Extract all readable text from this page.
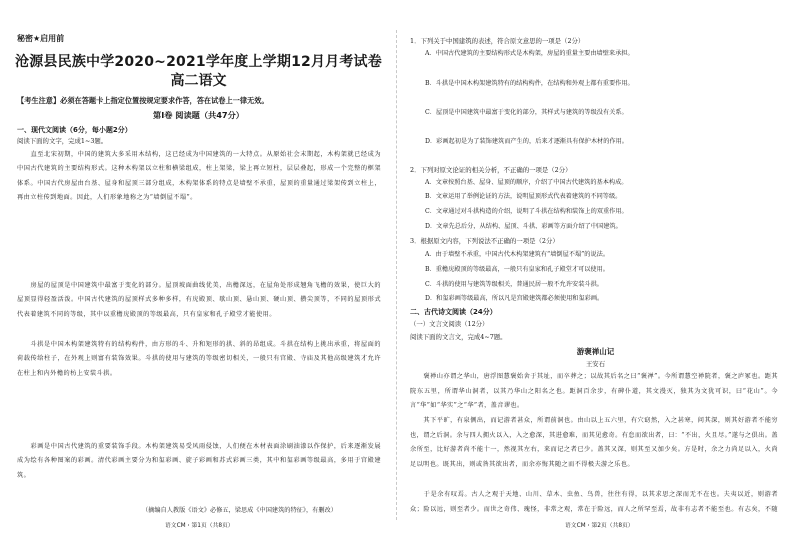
秘密★启用前
沧源县民族中学2020~2021学年度上学期12月月考试卷
高二语文
【考生注意】必须在答题卡上指定位置按规定要求作答，答在试卷上一律无效。
第Ⅰ卷 阅读题（共47分）
一、现代文阅读（6分，每小题2分）
阅读下面的文字，完成1~3题。
　　直至北宋初期，中国的建筑大多采用木结构，这已经成为中国建筑的一大特点。从原始社会末期起，木构架就已经成为中国古代建筑的主要结构形式。这种木构架以立柱和横梁组成，柱上架梁，梁上再立短柱，层层叠起，形成一个完整的框架体系。中国古代房屋由台基、屋身和屋顶三部分组成，木构架体系的特点是墙壁不承重，屋顶的重量通过梁架传到立柱上，再由立柱传到地面。因此，人们形象地称之为“墙倒屋不塌”。
　　房屋的屋顶是中国建筑中最富于变化的部分。屋顶坡面曲线优美，出檐深远，在屋角处形成翘角飞檐的效果，使巨大的屋顶显得轻盈活泼。中国古代建筑的屋顶样式多种多样，有庑殿顶、歇山顶、悬山顶、硬山顶、攒尖顶等，不同的屋顶形式代表着建筑不同的等级，其中以重檐庑殿顶的等级最高，只有皇家和孔子殿堂才能使用。
　　斗拱是中国木构架建筑特有的结构构件，由方形的斗、升和矩形的拱、斜的昂组成。斗拱在结构上挑出承重，将屋面的荷载传给柱子，在外观上则富有装饰效果。斗拱的使用与建筑的等级密切相关，一般只有宫殿、寺庙及其他高级建筑才允许在柱上和内外檐的枋上安装斗拱。
　　彩画是中国古代建筑的重要装饰手段。木构架建筑易受风雨侵蚀，人们便在木材表面涂刷油漆以作保护，后来逐渐发展成为绘有各种图案的彩画。清代彩画主要分为和玺彩画、旋子彩画和苏式彩画三类，其中和玺彩画等级最高，多用于宫殿建筑。
（摘编自人教版《语文》必修五，梁思成《中国建筑的特征》，有删改）
语文CM・第1页（共8页）
1．下列关于中国建筑的表述，符合原文意思的一项是（2分）
A．中国古代建筑的主要结构形式是木构架，房屋的重量主要由墙壁来承担。
B．斗拱是中国木构架建筑特有的结构构件，在结构和外观上都有重要作用。
C．屋顶是中国建筑中最富于变化的部分，其样式与建筑的等级没有关系。
D．彩画起初是为了装饰建筑而产生的，后来才逐渐具有保护木材的作用。
2．下列对原文论证的相关分析，不正确的一项是（2分）
A．文章按照台基、屋身、屋顶的顺序，介绍了中国古代建筑的基本构成。
B．文章运用了举例论证的方法，说明屋顶形式代表着建筑的不同等级。
C．文章通过对斗拱构造的介绍，说明了斗拱在结构和装饰上的双重作用。
D．文章先总后分，从结构、屋顶、斗拱、彩画等方面介绍了中国建筑。
3．根据原文内容，下列说法不正确的一项是（2分）
A．由于墙壁不承重，中国古代木构架建筑有“墙倒屋不塌”的说法。
B．重檐庑殿顶的等级最高，一般只有皇家和孔子殿堂才可以使用。
C．斗拱的使用与建筑等级相关，普通民居一般不允许安装斗拱。
D．和玺彩画等级最高，所以凡是宫殿建筑都必须使用和玺彩画。
二、古代诗文阅读（24分）
（一）文言文阅读（12分）
阅读下面的文言文，完成4~7题。
游褒禅山记
王安石
　　褒禅山亦谓之华山，唐浮图慧褒始舍于其址，而卒葬之；以故其后名之曰“褒禅”。今所谓慧空禅院者，褒之庐冢也。距其院东五里，所谓华山洞者，以其乃华山之阳名之也。距洞百余步，有碑仆道，其文漫灭，独其为文犹可识，曰“花山”。今言“华”如“华实”之“华”者，盖音谬也。
　　其下平旷，有泉侧出，而记游者甚众，所谓前洞也。由山以上五六里，有穴窈然，入之甚寒，问其深，则其好游者不能穷也，谓之后洞。余与四人拥火以入，入之愈深，其进愈难，而其见愈奇。有怠而欲出者，曰：“不出，火且尽。”遂与之俱出。盖余所至，比好游者尚不能十一，然视其左右，来而记之者已少。盖其又深，则其至又加少矣。方是时，余之力尚足以入，火尚足以明也。既其出，则或咎其欲出者，而余亦悔其随之而不得极夫游之乐也。
　　于是余有叹焉。古人之观于天地、山川、草木、虫鱼、鸟兽，往往有得，以其求思之深而无不在也。夫夷以近，则游者众；险以远，则至者少。而世之奇伟、瑰怪，非常之观，常在于险远，而人之所罕至焉，故非有志者不能至也。有志矣，不随
语文CM・第2页（共8页）
